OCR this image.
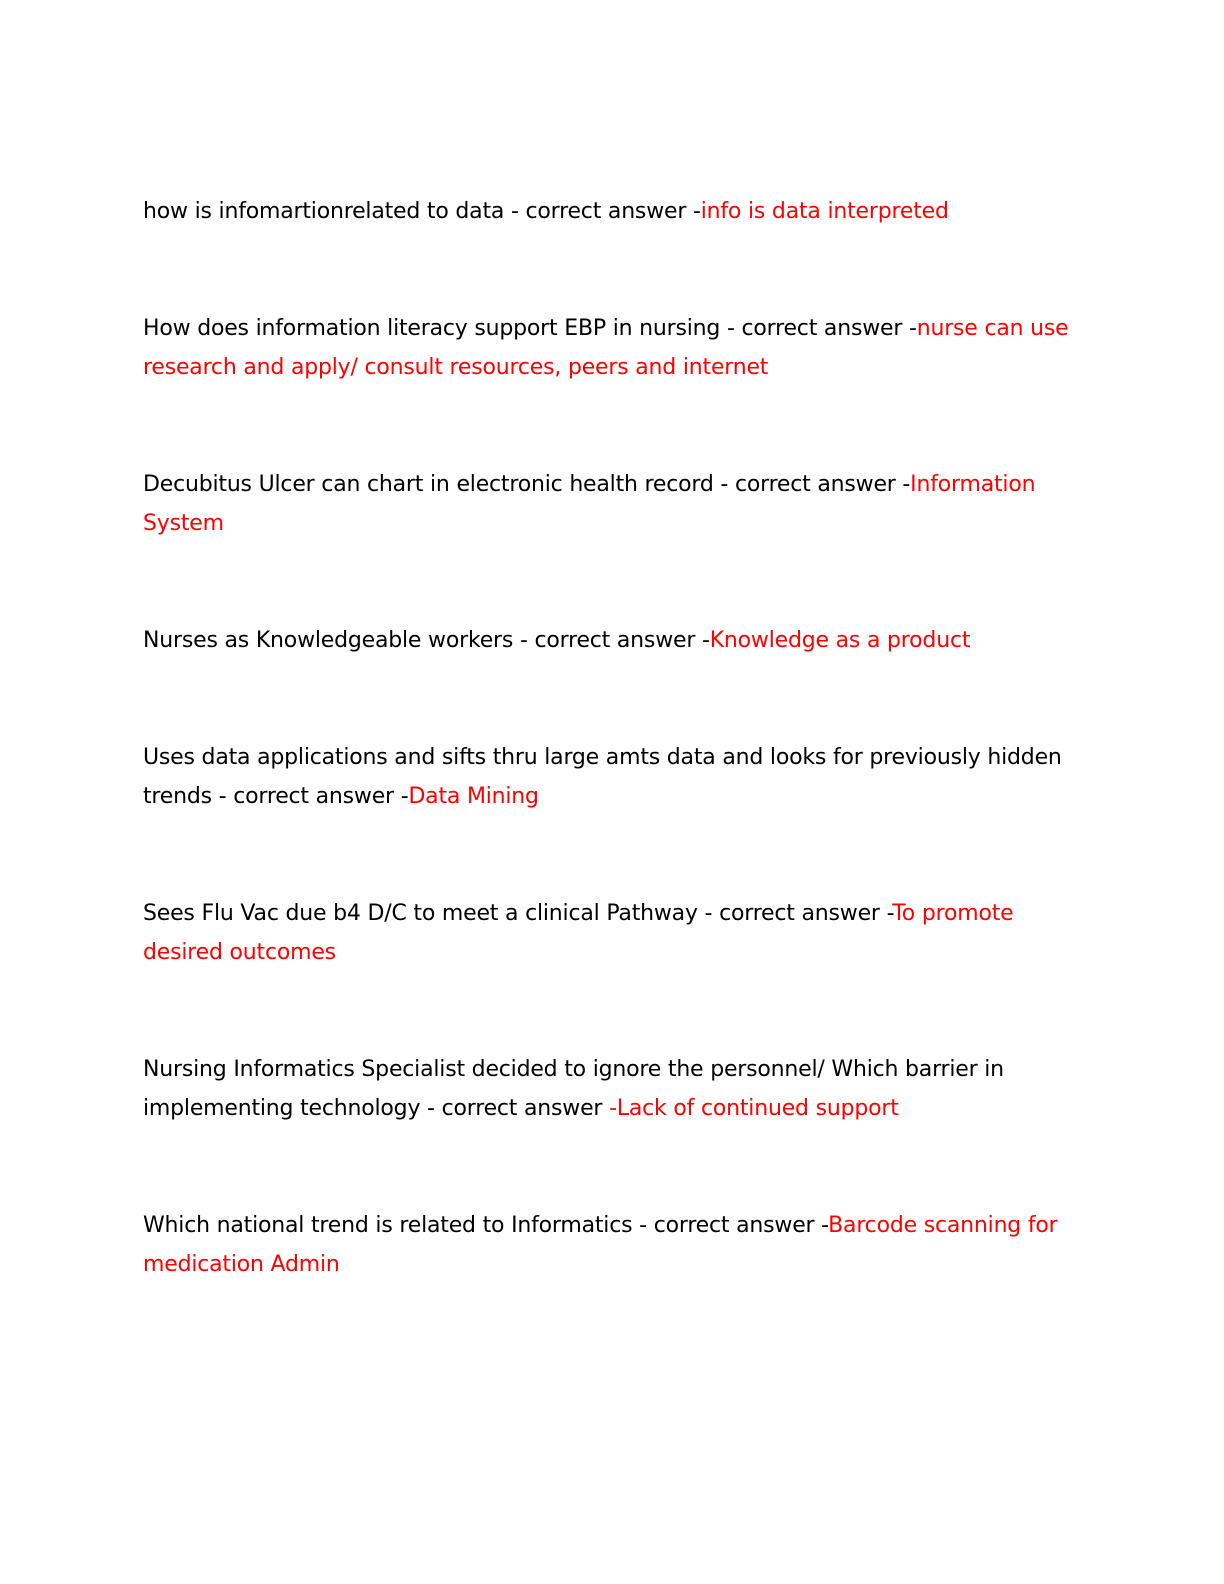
how is infomartionrelated to data - correct answer -info is data interpreted
How does information literacy support EBP in nursing - correct answer -nurse can use research and apply/ consult resources, peers and internet
Decubitus Ulcer can chart in electronic health record - correct answer -Information System
Nurses as Knowledgeable workers - correct answer -Knowledge as a product
Uses data applications and sifts thru large amts data and looks for previously hidden trends - correct answer -Data Mining
Sees Flu Vac due b4 D/C to meet a clinical Pathway - correct answer -To promote desired outcomes
Nursing Informatics Specialist decided to ignore the personnel/ Which barrier in implementing technology - correct answer -Lack of continued support
Which national trend is related to Informatics - correct answer -Barcode scanning for medication Admin
